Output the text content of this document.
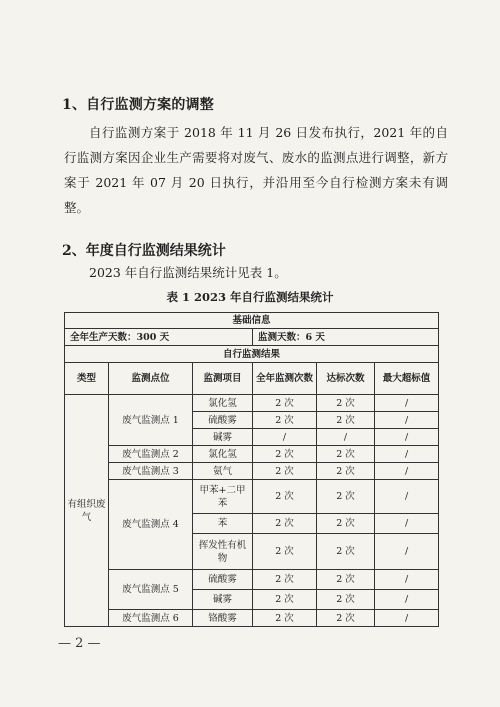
1、自行监测方案的调整
自行监测方案于 2018 年 11 月 26 日发布执行，2021 年的自行监测方案因企业生产需要将对废气、废水的监测点进行调整，新方案于 2021 年 07 月 20 日执行，并沿用至今自行检测方案未有调整。
2、年度自行监测结果统计
2023 年自行监测结果统计见表 1。
表 1 2023 年自行监测结果统计
基础信息					
全年生产天数：300 天			监测天数：6 天		
自行监测结果					
类型	监测点位	监测项目	全年监测次数	达标次数	最大超标值
有组织废气	废气监测点 1	氯化氢	2 次	2 次	/
		硫酸雾	2 次	2 次	/
		碱雾	/	/	/
	废气监测点 2	氯化氢	2 次	2 次	/
	废气监测点 3	氨气	2 次	2 次	/
	废气监测点 4	甲苯+二甲苯	2 次	2 次	/
		苯	2 次	2 次	/
		挥发性有机物	2 次	2 次	/
	废气监测点 5	硫酸雾	2 次	2 次	/
		碱雾	2 次	2 次	/
	废气监测点 6	铬酸雾	2 次	2 次	/
— 2 —
